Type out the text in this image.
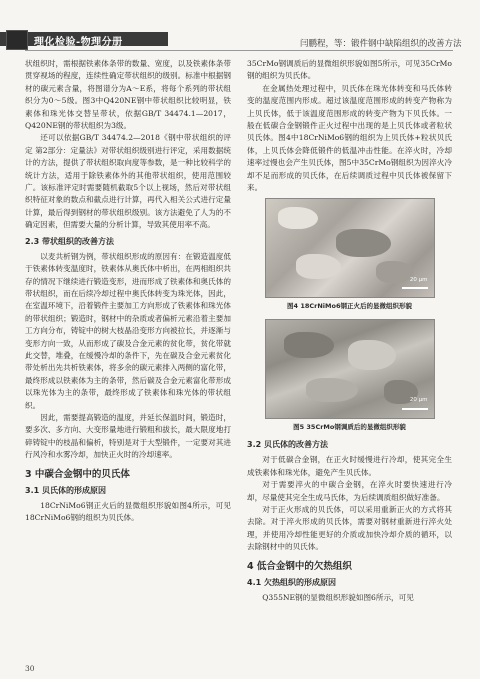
理化检验-物理分册	闫鹏程，等：锻件钢中缺陷组织的改善方法

状组织时，需根据铁素体条带的数量、宽度，以及铁素体条带贯穿视场的程度，连续性确定带状组织的级别。标准中根据钢材的碳元素含量，将图谱分为A～E系，将每个系列的带状组织分为0～5级。图3中Q420NE钢中带状组织比较明显，铁素体和珠光体交替呈带状，依据GB/T 34474.1—2017，Q420NE钢的带状组织为3级。

还可以依据GB/T 34474.2—2018《钢中带状组织的评定 第2部分：定量法》对带状组织级别进行评定，采用数据统计的方法，提供了带状组织取向度等参数，是一种比较科学的统计方法，适用于除铁素体外的其他带状组织，使用范围较广。该标准评定时需要随机截取5个以上视场，然后对带状组织特征对象的数点和截点进行计算，再代入相关公式进行定量计算，最后得到钢材的带状组织级别。该方法避免了人为的不确定因素，但需要大量的分析计算，导致其使用率不高。

2.3 带状组织的改善方法

以麦共析钢为例，带状组织形成的原因有：在锻造温度低于铁素体转变温度时，铁素体从奥氏体中析出，在两相组织共存的情况下继续进行锻造变形，进而形成了铁素体和奥氏体的带状组织，而在后续冷却过程中奥氏体转变为珠光体，因此，在室温环境下，沿着锻件主要加工方向形成了铁素体和珠光体的带状组织；锻造时，钢材中的杂质或者偏析元素沿着主要加工方向分布，铸锭中的树大枝晶沿变形方向被拉长，并逐渐与变形方向一致，从而形成了碳及合金元素的贫化带，贫化带就此交替，堆叠，在缓慢冷却的条件下，先在碳及合金元素贫化带处析出先共析铁素体，将多余的碳元素排入两侧的富化带，最终形成以铁素体为主的条带，然后碳及合金元素富化带形成以珠光体为主的条带，最终形成了铁素体和珠光体的带状组织。

因此，需要提高锻造的温度，并延长保温时间，锻造时，要多次、多方向、大变形量地进行锻粗和拔长，最大限度地打碎铸锭中的枝晶和偏析，特别是对于大型锻件，一定要对其进行风冷和水雾冷却，加快正火时的冷却速率。

3 中碳合金钢中的贝氏体
3.1 贝氏体的形成原因

18CrNiMo6钢正火后的显微组织形貌如图4所示，可见18CrNiMo6钢的组织为贝氏体。

35CrMo钢调质后的显微组织形貌如图5所示，可见35CrMo钢的组织为贝氏体。

在金属热处理过程中，贝氏体在珠光体转变和马氏体转变的温度范围内形成。超过该温度范围形成的转变产物称为上贝氏体，低于该温度范围形成的转变产物为下贝氏体。一般在低碳合金钢锻件正火过程中出现的是上贝氏体或者粒状贝氏体。图4中18CrNiMo6钢的组织为上贝氏体+粒状贝氏体，上贝氏体会降低锻件的低温冲击性能。在淬火时，冷却速率过慢也会产生贝氏体，图5中35CrMo钢组织为因淬火冷却不足而形成的贝氏体，在后续调质过程中贝氏体被保留下来。

20 μm

图4 18CrNiMo6钢正火后的显微组织形貌

20 μm

图5 35CrMo钢调质后的显微组织形貌

3.2 贝氏体的改善方法

对于低碳合金钢，在正火时缓慢进行冷却，使其完全生成铁素体和珠光体，避免产生贝氏体。

对于需要淬火的中碳合金钢，在淬火时要快速进行冷却，尽量使其完全生成马氏体，为后续调质组织做好准备。

对于正火形成的贝氏体，可以采用重新正火的方式将其去除。对于淬火形成的贝氏体，需要对钢材重新进行淬火处理，并使用冷却性能更好的介质或加快冷却介质的循环，以去除钢材中的贝氏体。

4 低合金钢中的欠热组织
4.1 欠热组织的形成原因

Q355NE钢的显微组织形貌如图6所示，可见

30
